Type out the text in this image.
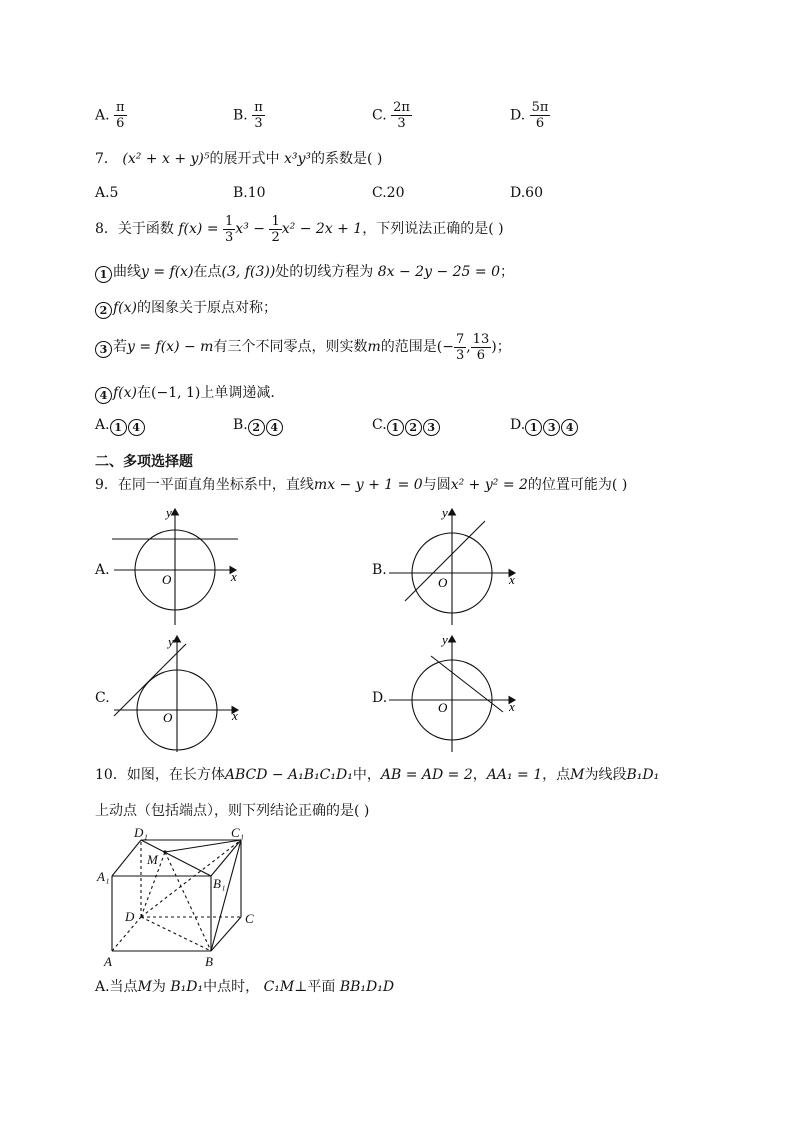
A. $\frac{\pi}{6}$	B. $\frac{\pi}{3}$	C. $\frac{2\pi}{3}$	D. $\frac{5\pi}{6}$
7． (x² + x + y)⁵的展开式中 x³y³的系数是( )
A.5	B.10	C.20	D.60
8．关于函数 $f(x) = \frac{1}{3} x^3 - \frac{1}{2} x^2 - 2x + 1$，下列说法正确的是( )
1 曲线y = f(x)在点(3, f(3))处的切线方程为 8x − 2y − 25 = 0；
2 f(x)的图象关于原点对称；
3 若y = f(x) − m有三个不同零点，则实数m的范围是(− $\frac{7}{3}$ , $\frac{13}{6}$ )；
4 f(x)在(−1, 1)上单调递减.
A. 1 4	B. 2 4	C. 1 2 3	D. 1 3 4
二、多项选择题
9．在同一平面直角坐标系中，直线mx − y + 1 = 0与圆x² + y² = 2的位置可能为( )
A.
y
x
O
B.
y
x
O
C.
y
x
O
D.
y
x
O
10．如图，在长方体ABCD − A₁B₁C₁D₁中，AB = AD = 2，AA₁ = 1，点M为线段B₁D₁
上动点（包括端点），则下列结论正确的是( )
A	B
C
D
A₁	B₁
C₁
D₁
M
A.当点M为 B₁D₁中点时， C₁M⊥平面 BB₁D₁D
